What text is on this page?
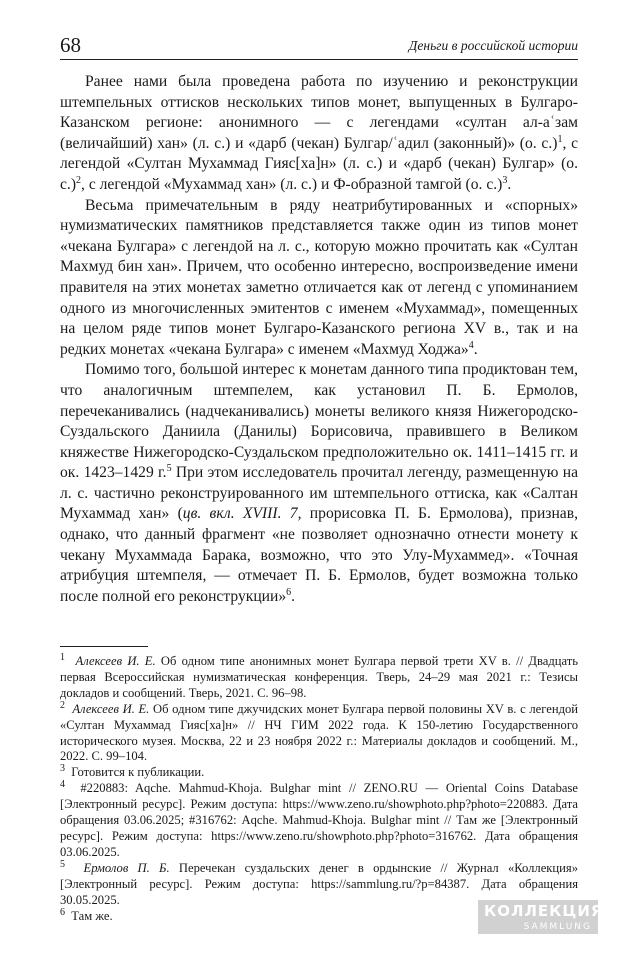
68	Деньги в российской истории

Ранее нами была проведена работа по изучению и реконструкции штемпельных оттисков нескольких типов монет, выпущенных в Булгаро-Казанском регионе: анонимного — с легендами «султан ал-аʿзам (величайший) хан» (л. с.) и «дарб (чекан) Булгар/ʿадил (законный)» (о. с.)$^1$, с легендой «Султан Мухаммад Гияс[ха]н» (л. с.) и «дарб (чекан) Булгар» (о. с.)$^2$, с легендой «Мухаммад хан» (л. с.) и Ф-образной тамгой (о. с.)$^3$.

Весьма примечательным в ряду неатрибутированных и «спорных» нумизматических памятников представляется также один из типов монет «чекана Булгара» с легендой на л. с., которую можно прочитать как «Султан Махмуд бин хан». Причем, что особенно интересно, воспроизведение имени правителя на этих монетах заметно отличается как от легенд с упоминанием одного из многочисленных эмитентов с именем «Мухаммад», помещенных на целом ряде типов монет Булгаро-Казанского региона XV в., так и на редких монетах «чекана Булгара» с именем «Махмуд Ходжа»$^4$.

Помимо того, большой интерес к монетам данного типа продиктован тем, что аналогичным штемпелем, как установил П. Б. Ермолов, перечеканивались (надчеканивались) монеты великого князя Нижегородско-Суздальского Даниила (Данилы) Борисовича, правившего в Великом княжестве Нижегородско-Суздальском предположительно ок. 1411–1415 гг. и ок. 1423–1429 г.$^5$ При этом исследователь прочитал легенду, размещенную на л. с. частично реконструированного им штемпельного оттиска, как «Салтан Мухаммад хан» (цв. вкл. XVIII. 7, прорисовка П. Б. Ермолова), признав, однако, что данный фрагмент «не позволяет однозначно отнести монету к чекану Мухаммада Барака, возможно, что это Улу-Мухаммед». «Точная атрибуция штемпеля, — отмечает П. Б. Ермолов, будет возможна только после полной его реконструкции»$^6$.

$^1$ Алексеев И. Е. Об одном типе анонимных монет Булгара первой трети XV в. // Двадцать первая Всероссийская нумизматическая конференция. Тверь, 24–29 мая 2021 г.: Тезисы докладов и сообщений. Тверь, 2021. С. 96–98.

$^2$ Алексеев И. Е. Об одном типе джучидских монет Булгара первой половины XV в. с легендой «Султан Мухаммад Гияс[ха]н» // НЧ ГИМ 2022 года. К 150-летию Государственного исторического музея. Москва, 22 и 23 ноября 2022 г.: Материалы докладов и сообщений. М., 2022. С. 99–104.

$^3$ Готовится к публикации.

$^4$ #220883: Aqche. Mahmud-Khoja. Bulghar mint // ZENO.RU — Oriental Coins Database [Электронный ресурс]. Режим доступа: https://www.zeno.ru/showphoto.php?photo=220883. Дата обращения 03.06.2025; #316762: Aqche. Mahmud-Khoja. Bulghar mint // Там же [Электронный ресурс]. Режим доступа: https://www.zeno.ru/showphoto.php?photo=316762. Дата обращения 03.06.2025.

$^5$ Ермолов П. Б. Перечекан суздальских денег в ордынские // Журнал «Коллекция» [Электронный ресурс]. Режим доступа: https://sammlung.ru/?p=84387. Дата обращения 30.05.2025.

$^6$ Там же.	КОЛЛЕКЦИЯ
SAMMLUNG
